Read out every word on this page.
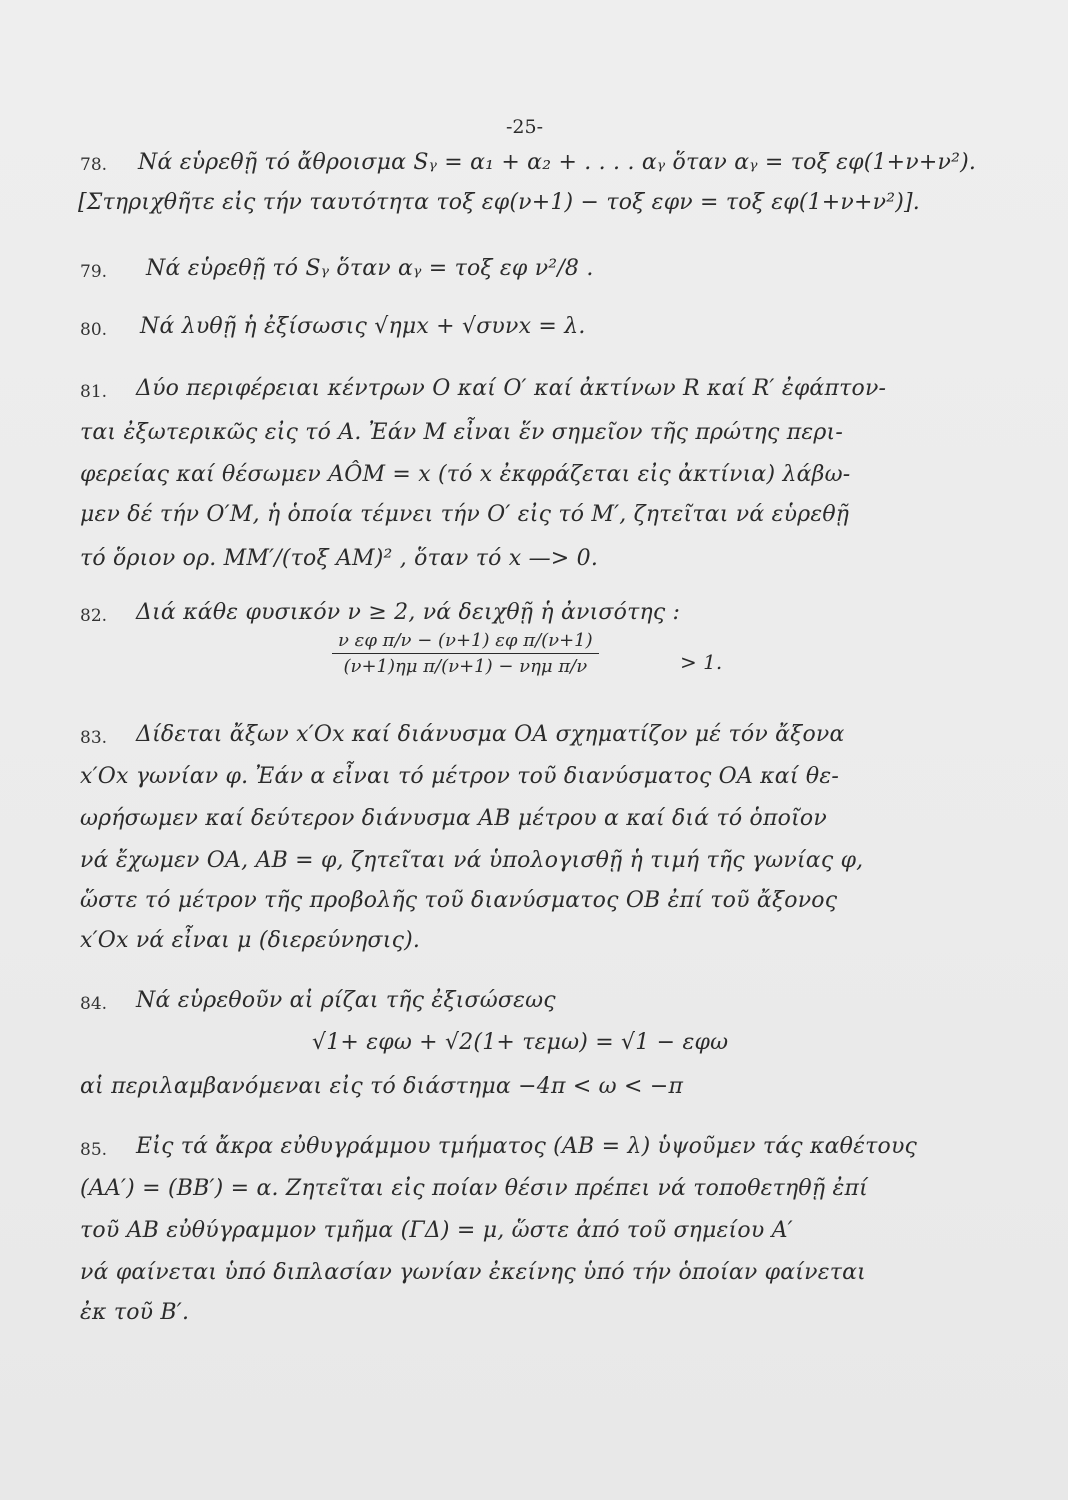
-25-
78. Νά εὑρεθῇ τό ἄθροισμα Sᵧ = α₁ + α₂ + . . . . αᵧ ὅταν αᵧ = τοξ εφ(1+ν+ν²).
[Στηριχθῆτε εἰς τήν ταυτότητα τοξ εφ(ν+1) − τοξ εφν = τοξ εφ(1+ν+ν²)].
79. Νά εὑρεθῇ τό Sᵧ ὅταν αᵧ = τοξ εφ ν²/8 .
80. Νά λυθῇ ἡ ἐξίσωσις √ημx + √συνx = λ.
81. Δύο περιφέρειαι κέντρων O καί O′ καί ἀκτίνων R καί R′ ἐφάπτον-
ται ἐξωτερικῶς εἰς τό A. Ἐάν M εἶναι ἕν σημεῖον τῆς πρώτης περι-
φερείας καί θέσωμεν AÔM = x (τό x ἐκφράζεται εἰς ἀκτίνια) λάβω-
μεν δέ τήν O′M, ἡ ὁποία τέμνει τήν O′ εἰς τό M′, ζητεῖται νά εὑρεθῇ
τό ὅριον ορ. MM′/(τοξ AM)² , ὅταν τό x —> 0.
82. Διά κάθε φυσικόν ν ≥ 2, νά δειχθῇ ἡ ἀνισότης :
ν εφ π/ν − (ν+1) εφ π/(ν+1)
(ν+1)ημ π/(ν+1) − νημ π/ν	> 1.
83. Δίδεται ἄξων x′Ox καί διάνυσμα OA σχηματίζον μέ τόν ἄξονα
x′Ox γωνίαν φ. Ἐάν α εἶναι τό μέτρον τοῦ διανύσματος OA καί θε-
ωρήσωμεν καί δεύτερον διάνυσμα AB μέτρου α καί διά τό ὁποῖον
νά ἔχωμεν OA, AB = φ, ζητεῖται νά ὑπολογισθῇ ἡ τιμή τῆς γωνίας φ,
ὥστε τό μέτρον τῆς προβολῆς τοῦ διανύσματος OB ἐπί τοῦ ἄξονος
x′Ox νά εἶναι μ (διερεύνησις).
84. Νά εὑρεθοῦν αἱ ρίζαι τῆς ἐξισώσεως
√1+ εφω + √2(1+ τεμω) = √1 − εφω
αἱ περιλαμβανόμεναι εἰς τό διάστημα −4π < ω < −π
85. Εἰς τά ἄκρα εὐθυγράμμου τμήματος (AB = λ) ὑψοῦμεν τάς καθέτους
(AA′) = (BB′) = α. Ζητεῖται εἰς ποίαν θέσιν πρέπει νά τοποθετηθῇ ἐπί
τοῦ AB εὐθύγραμμον τμῆμα (ΓΔ) = μ, ὥστε ἀπό τοῦ σημείου A′
νά φαίνεται ὑπό διπλασίαν γωνίαν ἐκείνης ὑπό τήν ὁποίαν φαίνεται
ἐκ τοῦ B′.
